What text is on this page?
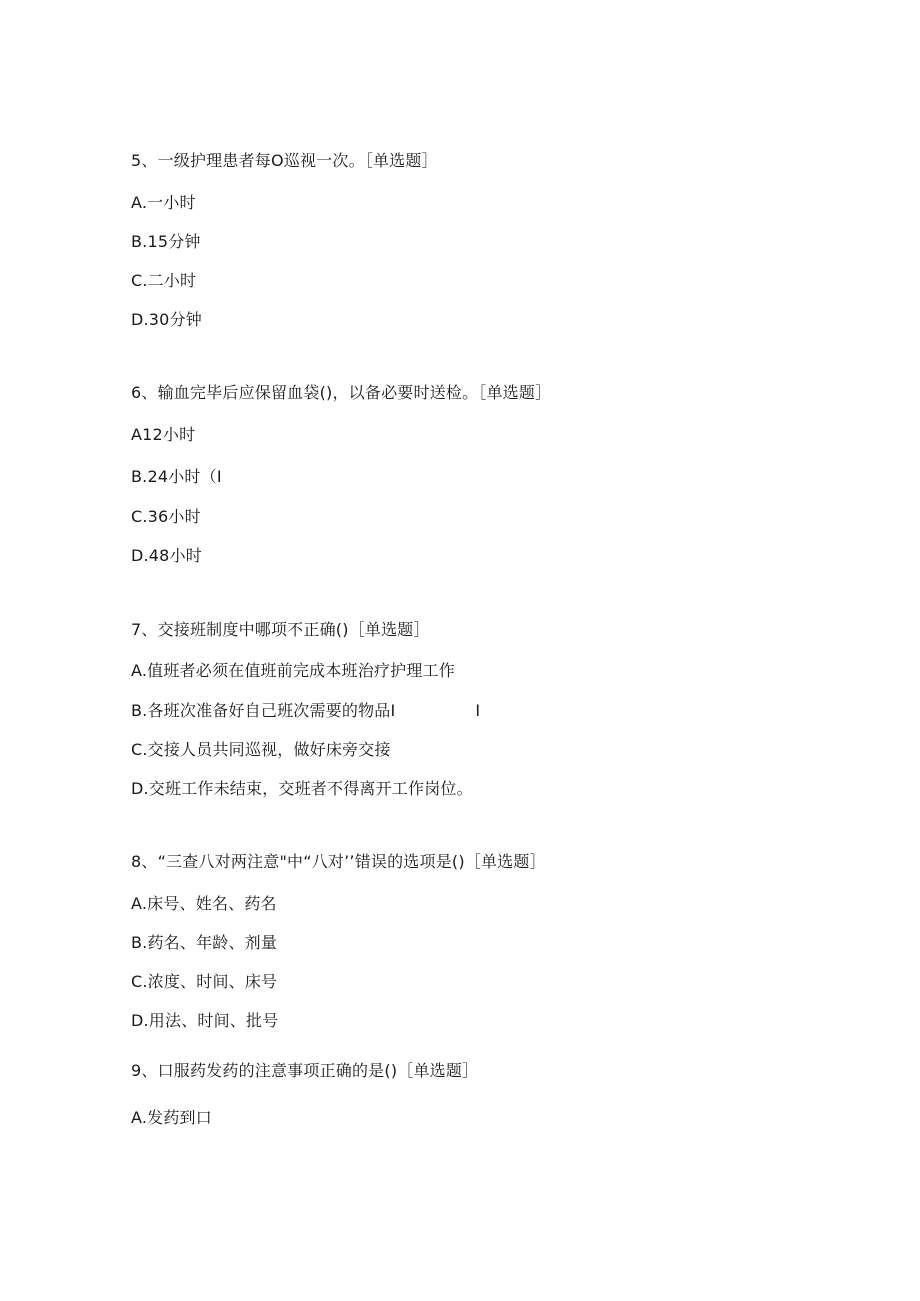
5、一级护理患者每O巡视一次。［单选题］
A.一小时
B.15分钟
C.二小时
D.30分钟
6、输血完毕后应保留血袋()，以备必要时送检。［单选题］
A12小时
B.24小时（I
C.36小时
D.48小时
7、交接班制度中哪项不正确()［单选题］
A.值班者必须在值班前完成本班治疗护理工作
B.各班次准备好自己班次需要的物品I	I
C.交接人员共同巡视，做好床旁交接
D.交班工作未结束，交班者不得离开工作岗位。
8、“三查八对两注意"中“八对’’错误的选项是()［单选题］
A.床号、姓名、药名
B.药名、年龄、剂量
C.浓度、时间、床号
D.用法、时间、批号
9、口服药发药的注意事项正确的是()［单选题］
A.发药到口
